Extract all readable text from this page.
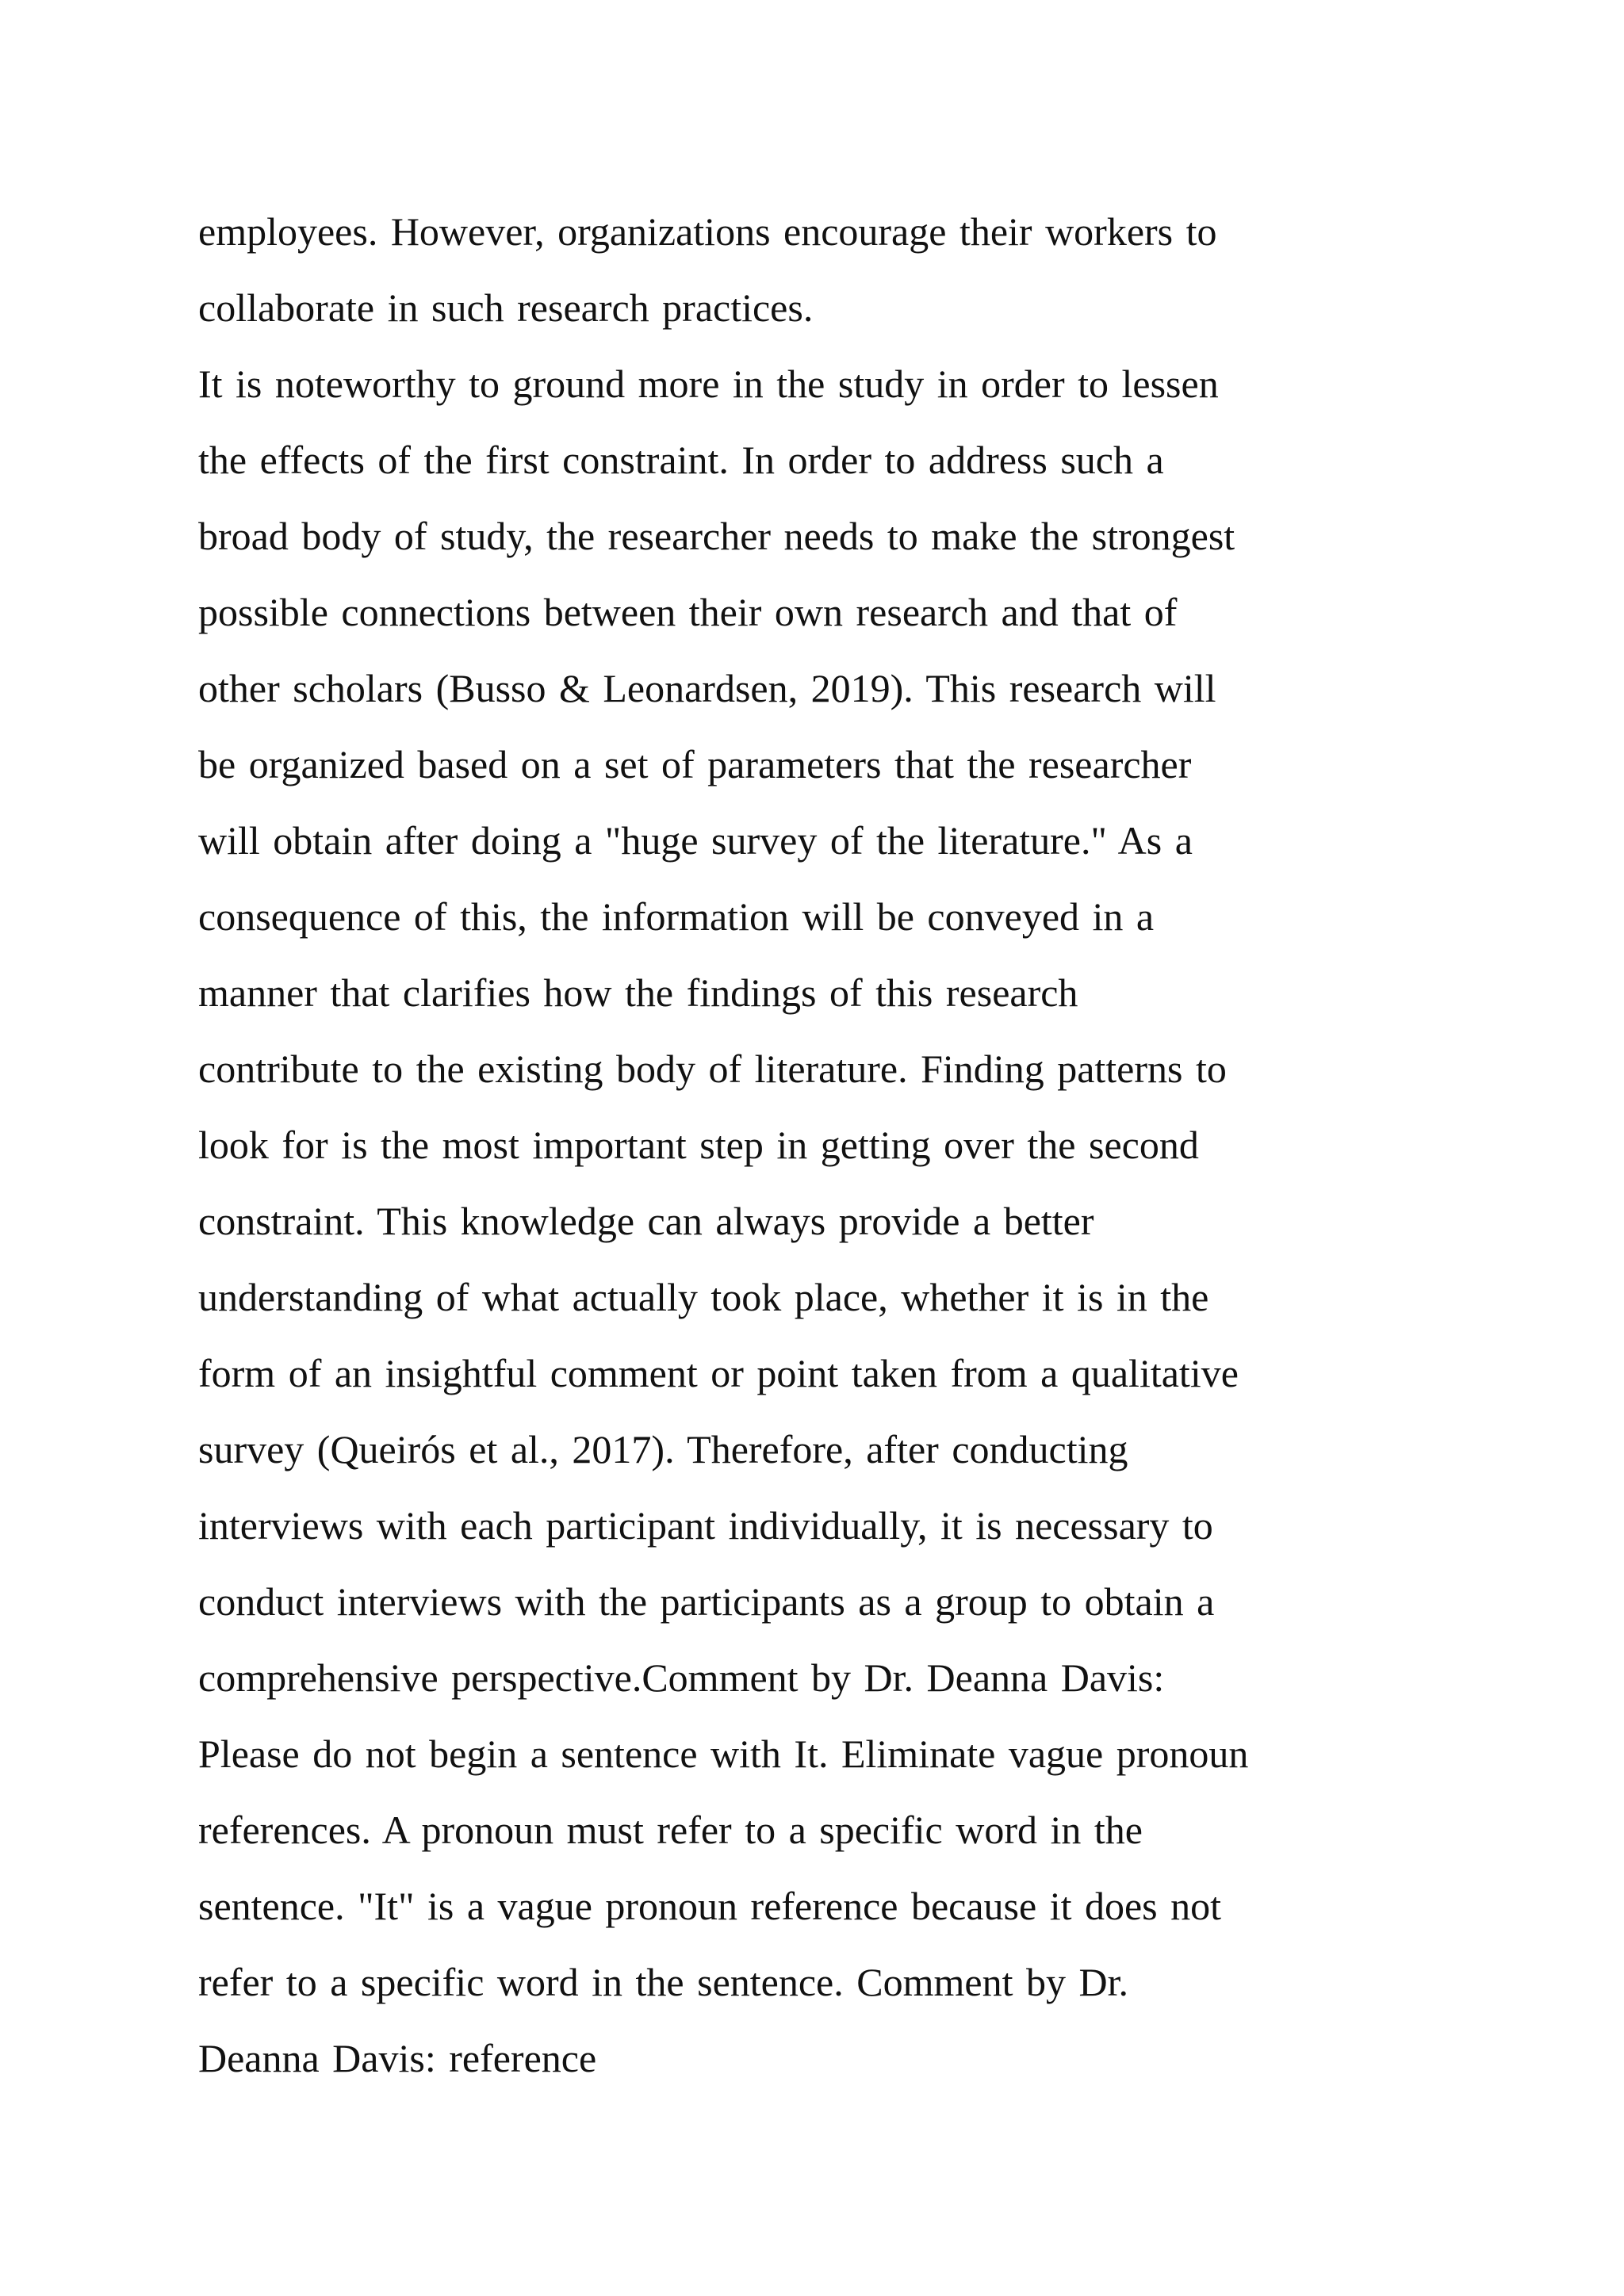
employees. However, organizations encourage their workers to
collaborate in such research practices.
It is noteworthy to ground more in the study in order to lessen
the effects of the first constraint. In order to address such a
broad body of study, the researcher needs to make the strongest
possible connections between their own research and that of
other scholars (Busso & Leonardsen, 2019). This research will
be organized based on a set of parameters that the researcher
will obtain after doing a "huge survey of the literature." As a
consequence of this, the information will be conveyed in a
manner that clarifies how the findings of this research
contribute to the existing body of literature. Finding patterns to
look for is the most important step in getting over the second
constraint. This knowledge can always provide a better
understanding of what actually took place, whether it is in the
form of an insightful comment or point taken from a qualitative
survey (Queirós et al., 2017). Therefore, after conducting
interviews with each participant individually, it is necessary to
conduct interviews with the participants as a group to obtain a
comprehensive perspective.Comment by Dr. Deanna Davis:
Please do not begin a sentence with It. Eliminate vague pronoun
references. A pronoun must refer to a specific word in the
sentence. "It" is a vague pronoun reference because it does not
refer to a specific word in the sentence. Comment by Dr.
Deanna Davis: reference
